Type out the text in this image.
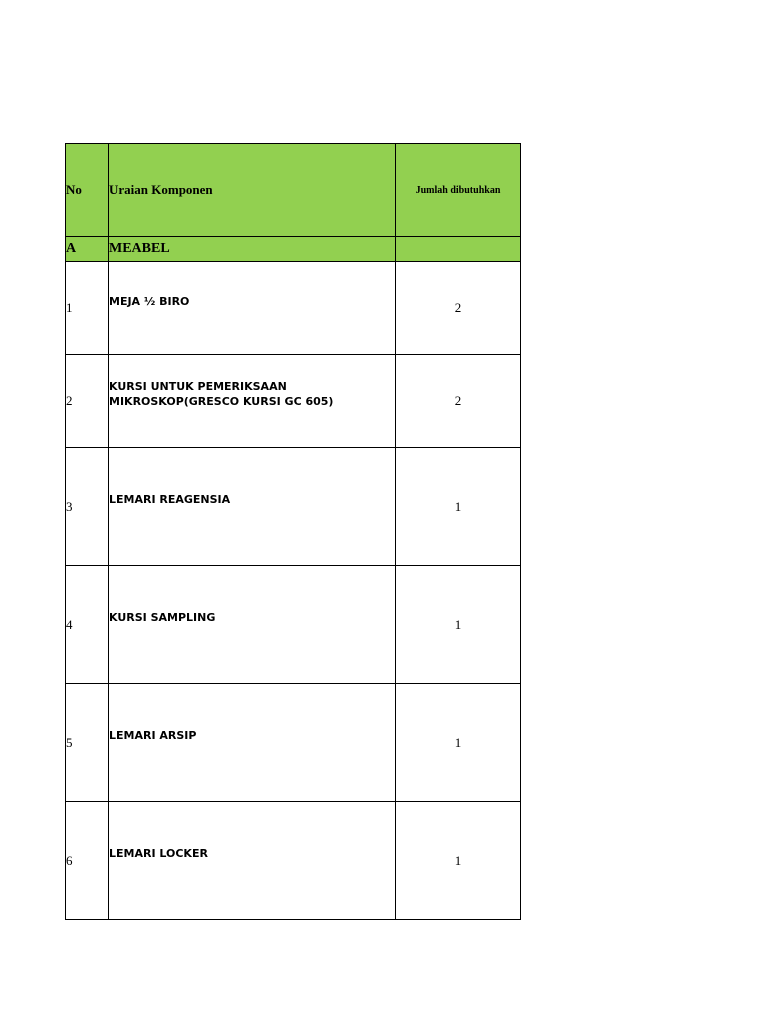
No	Uraian Komponen	Jumlah dibutuhkan
A	MEABEL	
1	MEJA ½ BIRO	2
2	KURSI UNTUK PEMERIKSAAN MIKROSKOP(GRESCO KURSI GC 605)	2
3	LEMARI REAGENSIA	1
4	KURSI SAMPLING	1
5	LEMARI ARSIP	1
6	LEMARI LOCKER	1
